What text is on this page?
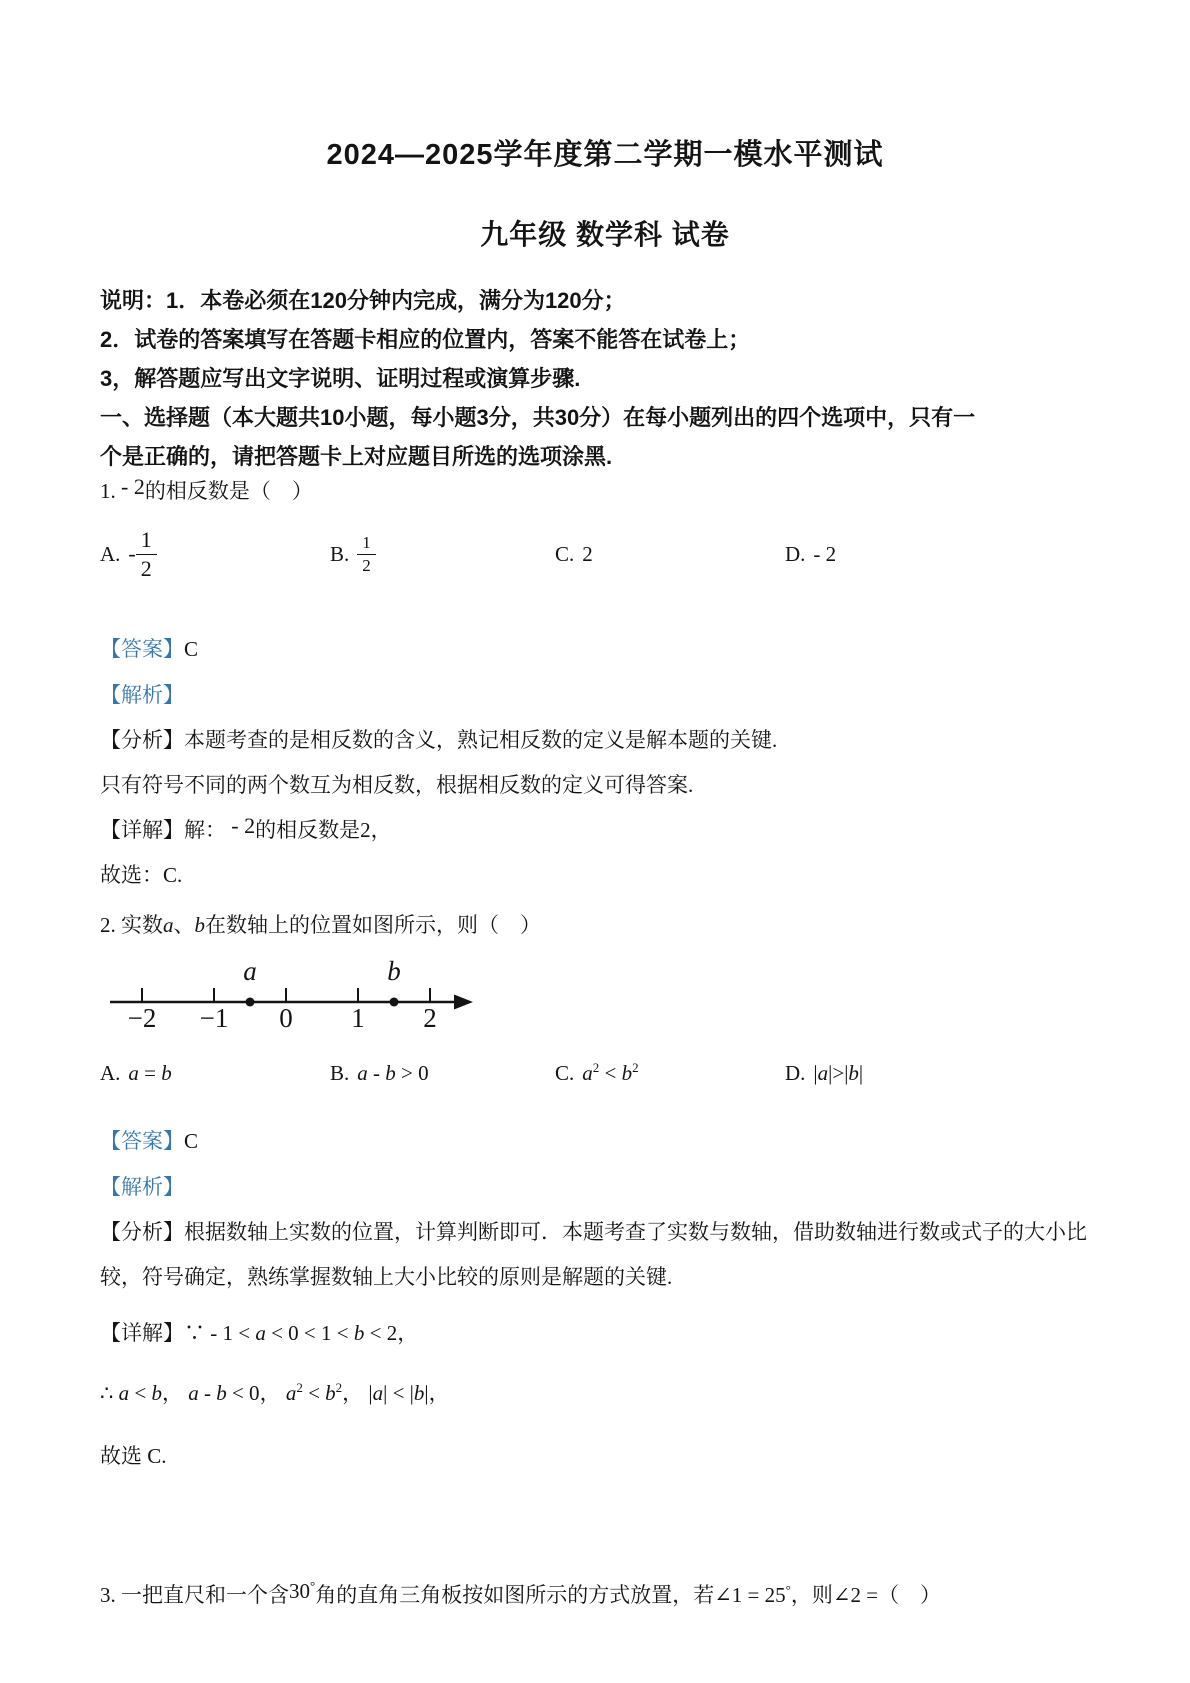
2024—2025学年度第二学期一模水平测试
九年级 数学科 试卷

说明：1．本卷必须在120分钟内完成，满分为120分；

2．试卷的答案填写在答题卡相应的位置内，答案不能答在试卷上；

3，解答题应写出文字说明、证明过程或演算步骤.

一、选择题（本大题共10小题，每小题3分，共30分）在每小题列出的四个选项中，只有一

个是正确的，请把答题卡上对应题目所选的选项涂黑.

1. - 2的相反数是（　）

A. - $\frac{1}{2}$	B. $\frac{1}{2}$	C. 2	D. - 2

【答案】C

【解析】

【分析】本题考查的是相反数的含义，熟记相反数的定义是解本题的关键.

只有符号不同的两个数互为相反数，根据相反数的定义可得答案.

【详解】解： - 2的相反数是2，

故选：C.

2. 实数a、b在数轴上的位置如图所示，则（　）

a	b
−2 −1 0 1 2
A. a = b	B. a - b > 0	C. $a^2 < b^2$	D. |a|>|b|

【答案】C

【解析】

【分析】根据数轴上实数的位置，计算判断即可．本题考查了实数与数轴，借助数轴进行数或式子的大小比较，符号确定，熟练掌握数轴上大小比较的原则是解题的关键.

【详解】∵ - 1 < a < 0 < 1 < b < 2，

∴ a < b， a - b < 0， $a^2 < b^2$， |a| < |b|，

故选 C.

3. 一把直尺和一个含30°角的直角三角板按如图所示的方式放置，若∠1 = 25°，则∠2 =（　）
